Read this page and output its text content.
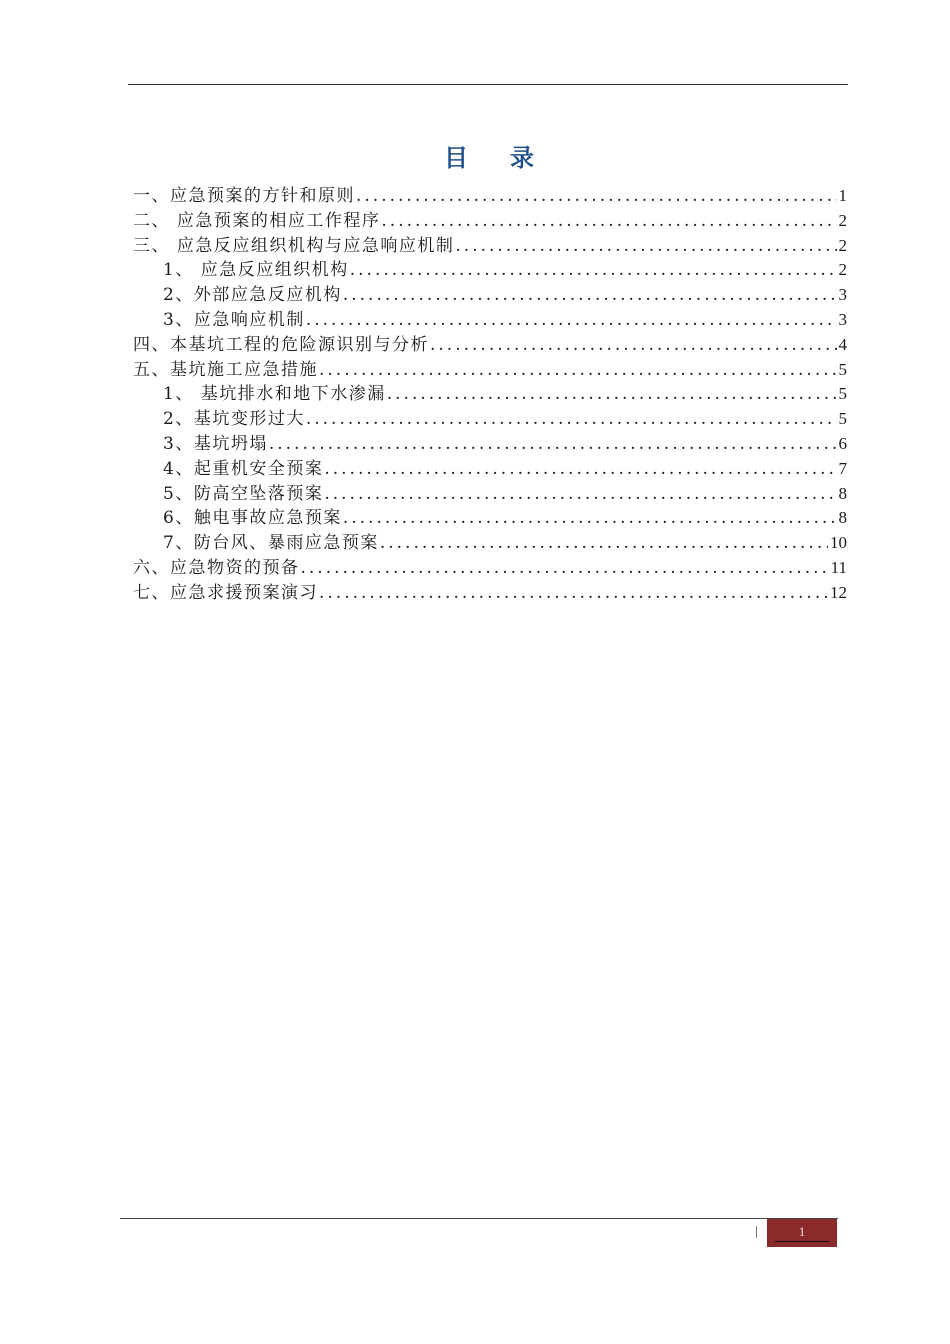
目 录
一、应急预案的方针和原则 .....	1
二、 应急预案的相应工作程序 .....	2
三、 应急反应组织机构与应急响应机制 .....	2
1、 应急反应组织机构 .....	2
2、外部应急反应机构 .....	3
3、应急响应机制 .....	3
四、本基坑工程的危险源识别与分析 .....	4
五、基坑施工应急措施 .....	5
1、 基坑排水和地下水渗漏 .....	5
2、基坑变形过大 .....	5
3、基坑坍塌 .....	6
4、起重机安全预案 .....	7
5、防高空坠落预案 .....	8
6、触电事故应急预案 .....	8
7、防台风、暴雨应急预案 .....	10
六、应急物资的预备 .....	11
七、应急求援预案演习 .....	12
1
